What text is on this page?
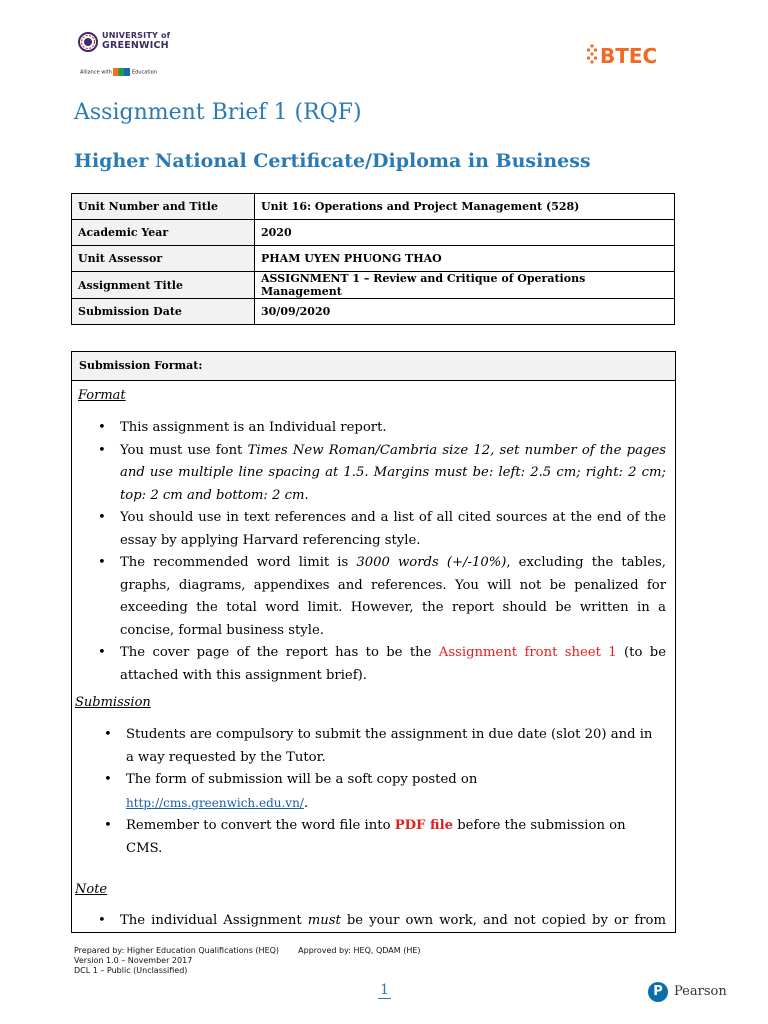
UNIVERSITY of
GREENWICH
Alliance with	Education
BTEC
Assignment Brief 1 (RQF)
Higher National Certificate/Diploma in Business
Unit Number and Title	Unit 16: Operations and Project Management (528)
Academic Year	2020
Unit Assessor	PHAM UYEN PHUONG THAO
Assignment Title	ASSIGNMENT 1 – Review and Critique of Operations Management
Submission Date	30/09/2020
Submission Format:
Format
• This assignment is an Individual report.
• You must use font Times New Roman/Cambria size 12, set number of the pages and use multiple line spacing at 1.5. Margins must be: left: 2.5 cm; right: 2 cm; top: 2 cm and bottom: 2 cm.
• You should use in text references and a list of all cited sources at the end of the essay by applying Harvard referencing style.
• The recommended word limit is 3000 words (+/-10%), excluding the tables, graphs, diagrams, appendixes and references. You will not be penalized for exceeding the total word limit. However, the report should be written in a concise, formal business style.
• The cover page of the report has to be the Assignment front sheet 1 (to be attached with this assignment brief).
Submission
• Students are compulsory to submit the assignment in due date (slot 20) and in a way requested by the Tutor.
• The form of submission will be a soft copy posted on http://cms.greenwich.edu.vn/.
• Remember to convert the word file into PDF file before the submission on CMS.
Note
• The individual Assignment must be your own work, and not copied by or from
Prepared by: Higher Education Qualifications (HEQ) Approved by: HEQ, QDAM (HE)
Version 1.0 – November 2017
DCL 1 – Public (Unclassified)
1	P Pearson
